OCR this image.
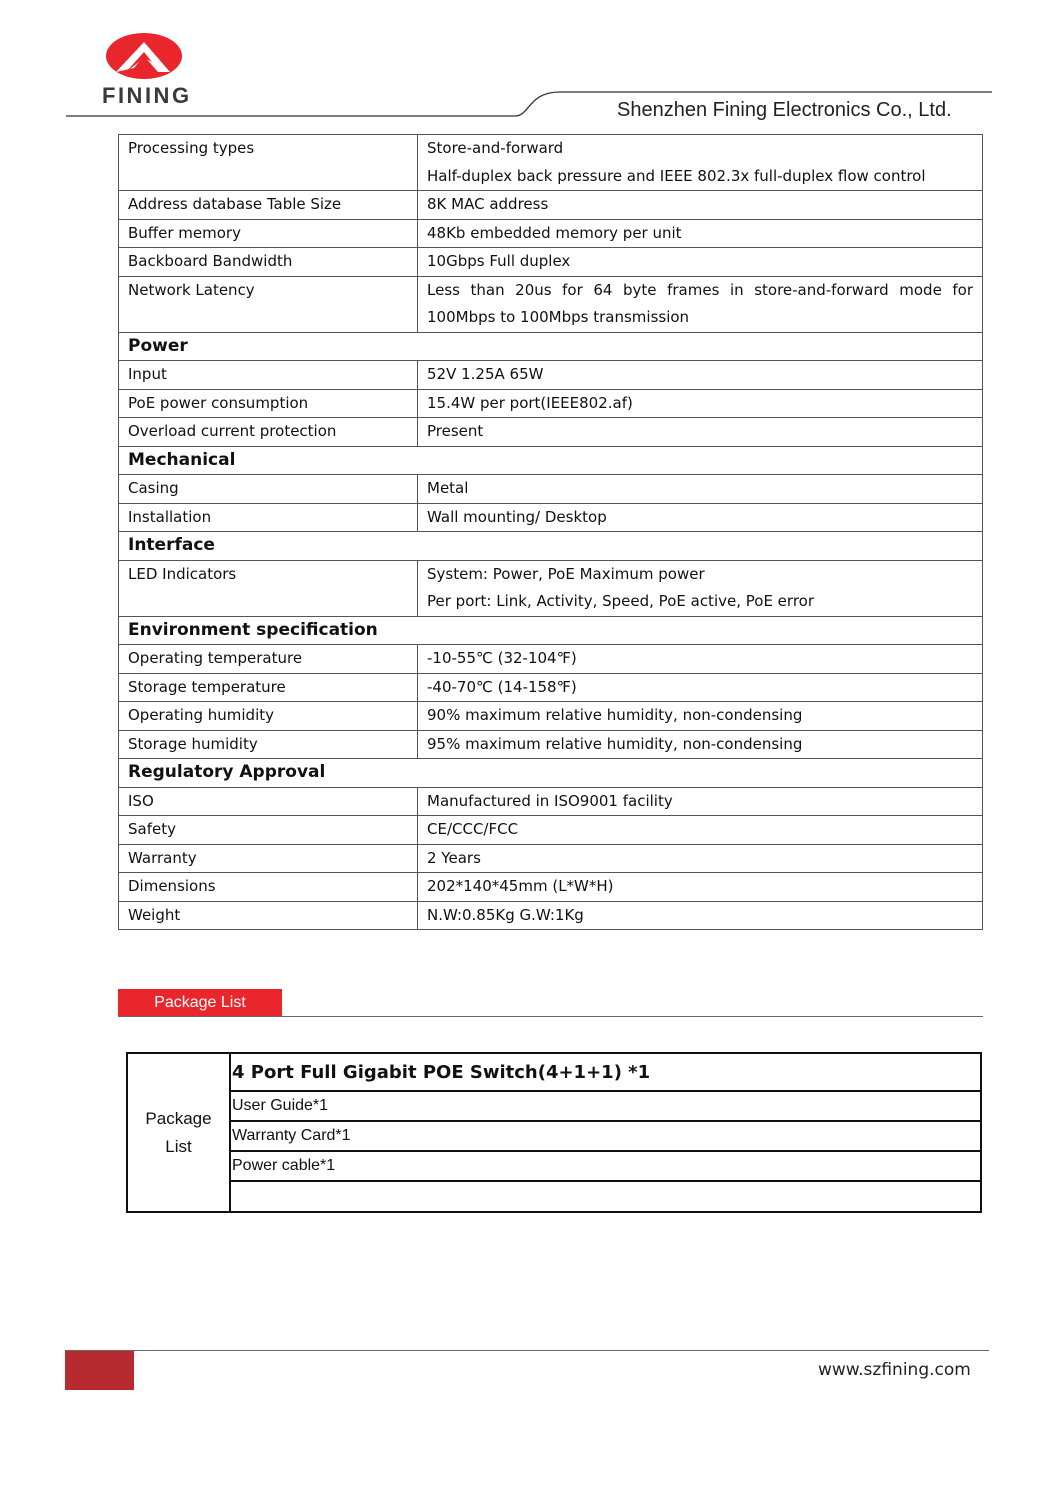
FINING
Shenzhen Fining Electronics Co., Ltd.
Processing types	Store-and-forward
Half-duplex back pressure and IEEE 802.3x full-duplex flow control

Address database Table Size	8K MAC address

Buffer memory	48Kb embedded memory per unit

Backboard Bandwidth	10Gbps Full duplex

Network Latency	Less than 20us for 64 byte frames in store-and-forward mode for
100Mbps to 100Mbps transmission

Power	
Input	52V 1.25A 65W

PoE power consumption	15.4W per port(IEEE802.af)

Overload current protection	Present

Mechanical	
Casing	Metal

Installation	Wall mounting/ Desktop

Interface	
LED Indicators	System: Power, PoE Maximum power
Per port: Link, Activity, Speed, PoE active, PoE error

Environment specification	
Operating temperature	-10-55℃ (32-104℉)

Storage temperature	-40-70℃ (14-158℉)

Operating humidity	90% maximum relative humidity, non-condensing

Storage humidity	95% maximum relative humidity, non-condensing

Regulatory Approval	
ISO	Manufactured in ISO9001 facility

Safety	CE/CCC/FCC

Warranty	2 Years

Dimensions	202*140*45mm (L*W*H)

Weight	N.W:0.85Kg G.W:1Kg
Package List
Package
List
4 Port Full Gigabit POE Switch(4+1+1) *1
User Guide*1
Warranty Card*1
Power cable*1
www.szfining.com
